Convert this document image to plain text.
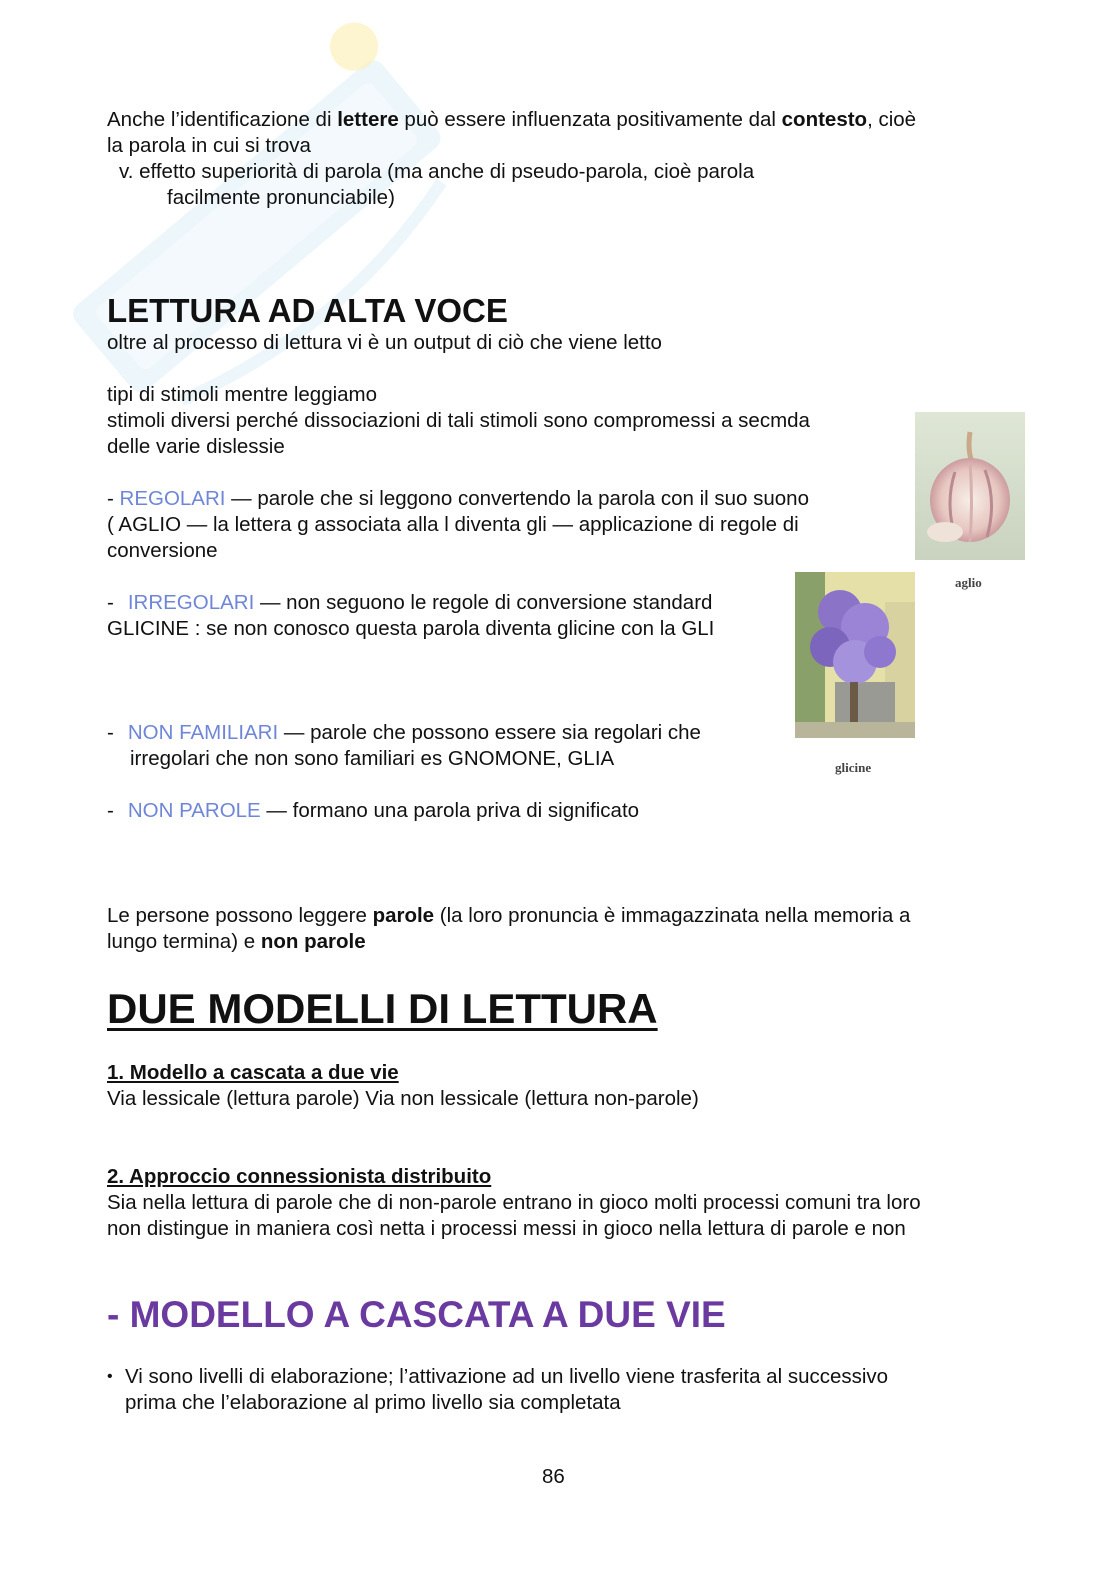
Anche l’identificazione di lettere può essere influenzata positivamente dal contesto, cioè
la parola in cui si trova
v. effetto superiorità di parola (ma anche di pseudo-parola, cioè parola
facilmente pronunciabile)
LETTURA AD ALTA VOCE
oltre al processo di lettura vi è un output di ciò che viene letto
tipi di stimoli mentre leggiamo
stimoli diversi perché dissociazioni di tali stimoli sono compromessi a secmda
delle varie dislessie
- REGOLARI — parole che si leggono convertendo la parola con il suo suono
( AGLIO — la lettera g associata alla l diventa gli — applicazione di regole di
conversione
- IRREGOLARI — non seguono le regole di conversione standard
GLICINE : se non conosco questa parola diventa glicine con la GLI
- NON FAMILIARI — parole che possono essere sia regolari che
irregolari che non sono familiari es GNOMONE, GLIA
- NON PAROLE — formano una parola priva di significato
aglio
glicine
Le persone possono leggere parole (la loro pronuncia è immagazzinata nella memoria a
lungo termina) e non parole
DUE MODELLI DI LETTURA
1. Modello a cascata a due vie
Via lessicale (lettura parole) Via non lessicale (lettura non-parole)
2. Approccio connessionista distribuito
Sia nella lettura di parole che di non-parole entrano in gioco molti processi comuni tra loro
non distingue in maniera così netta i processi messi in gioco nella lettura di parole e non
- MODELLO A CASCATA A DUE VIE
• Vi sono livelli di elaborazione; l’attivazione ad un livello viene trasferita al successivo
prima che l’elaborazione al primo livello sia completata
86
